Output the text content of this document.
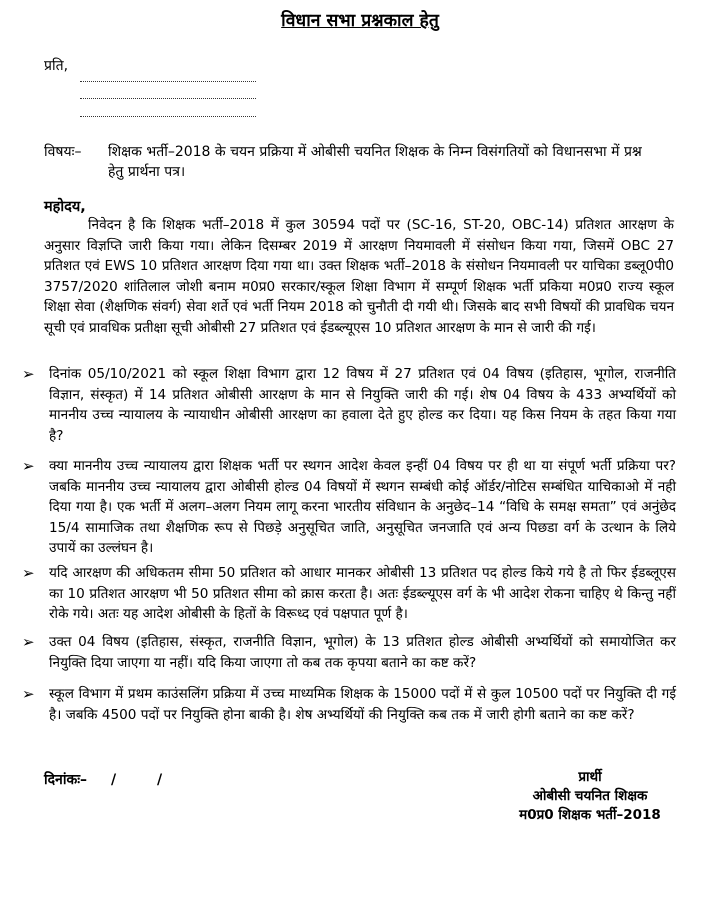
विधान सभा प्रश्नकाल हेतु
प्रति,
विषयः– शिक्षक भर्ती–2018 के चयन प्रक्रिया में ओबीसी चयनित शिक्षक के निम्न विसंगतियों को विधानसभा में प्रश्न हेतु प्रार्थना पत्र।
महोदय,
निवेदन है कि शिक्षक भर्ती–2018 में कुल 30594 पदों पर (SC-16, ST-20, OBC-14) प्रतिशत आरक्षण के अनुसार विज्ञप्ति जारी किया गया। लेकिन दिसम्बर 2019 में आरक्षण नियमावली में संसोधन किया गया, जिसमें OBC 27 प्रतिशत एवं EWS 10 प्रतिशत आरक्षण दिया गया था। उक्त शिक्षक भर्ती–2018 के संसोधन नियमावली पर याचिका डब्लू0पी0 3757/2020 शांतिलाल जोशी बनाम म0प्र0 सरकार/स्कूल शिक्षा विभाग में सम्पूर्ण शिक्षक भर्ती प्रकिया म0प्र0 राज्य स्कूल शिक्षा सेवा (शैक्षणिक संवर्ग) सेवा शर्ते एवं भर्ती नियम 2018 को चुनौती दी गयी थी। जिसके बाद सभी विषयों की प्रावधिक चयन सूची एवं प्रावधिक प्रतीक्षा सूची ओबीसी 27 प्रतिशत एवं ईडब्ल्यूएस 10 प्रतिशत आरक्षण के मान से जारी की गई।
➢ दिनांक 05/10/2021 को स्कूल शिक्षा विभाग द्वारा 12 विषय में 27 प्रतिशत एवं 04 विषय (इतिहास, भूगोल, राजनीति विज्ञान, संस्कृत) में 14 प्रतिशत ओबीसी आरक्षण के मान से नियुक्ति जारी की गई। शेष 04 विषय के 433 अभ्यर्थियों को माननीय उच्च न्यायालय के न्यायाधीन ओबीसी आरक्षण का हवाला देते हुए होल्ड कर दिया। यह किस नियम के तहत किया गया है?
➢ क्या माननीय उच्च न्यायालय द्वारा शिक्षक भर्ती पर स्थगन आदेश केवल इन्हीं 04 विषय पर ही था या संपूर्ण भर्ती प्रक्रिया पर? जबकि माननीय उच्च न्यायालय द्वारा ओबीसी होल्ड 04 विषयों में स्थगन सम्बंधी कोई ऑर्डर/नोटिस सम्बंधित याचिकाओ में नही दिया गया है। एक भर्ती में अलग–अलग नियम लागू करना भारतीय संविधान के अनुछेद–14 “विधि के समक्ष समता” एवं अनुंछेद 15/4 सामाजिक तथा शैक्षणिक रूप से पिछड़े अनुसूचित जाति, अनुसूचित जनजाति एवं अन्य पिछडा वर्ग के उत्थान के लिये उपायें का उल्लंघन है।
➢ यदि आरक्षण की अधिकतम सीमा 50 प्रतिशत को आधार मानकर ओबीसी 13 प्रतिशत पद होल्ड किये गये है तो फिर ईडब्लूएस का 10 प्रतिशत आरक्षण भी 50 प्रतिशत सीमा को क्रास करता है। अतः ईडब्ल्यूएस वर्ग के भी आदेश रोकना चाहिए थे किन्तु नहीं रोके गये। अतः यह आदेश ओबीसी के हितों के विरूध्द एवं पक्षपात पूर्ण है।
➢ उक्त 04 विषय (इतिहास, संस्कृत, राजनीति विज्ञान, भूगोल) के 13 प्रतिशत होल्ड ओबीसी अभ्यर्थियों को समायोजित कर नियुक्ति दिया जाएगा या नहीं। यदि किया जाएगा तो कब तक कृपया बताने का कष्ट करें?
➢ स्कूल विभाग में प्रथम काउंसलिंग प्रक्रिया में उच्च माध्यमिक शिक्षक के 15000 पदों में से कुल 10500 पदों पर नियुक्ति दी गई है। जबकि 4500 पदों पर नियुक्ति होना बाकी है। शेष अभ्यर्थियों की नियुक्ति कब तक में जारी होगी बताने का कष्ट करें?
दिनांकः– / /	प्रार्थी
ओबीसी चयनित शिक्षक
म0प्र0 शिक्षक भर्ती–2018
